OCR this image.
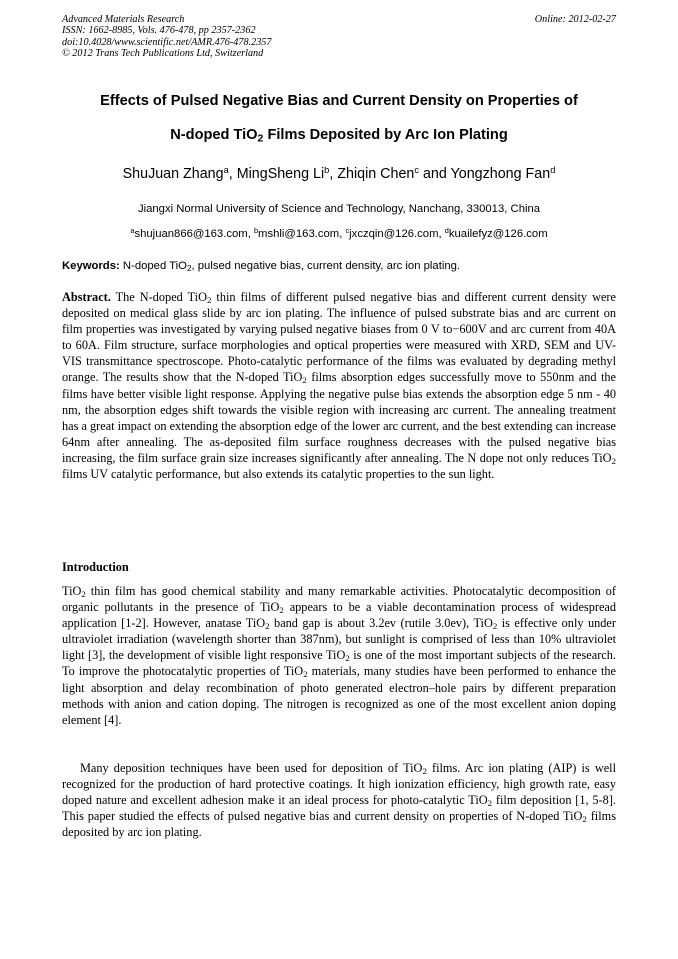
Advanced Materials Research
ISSN: 1662-8985, Vols. 476-478, pp 2357-2362
doi:10.4028/www.scientific.net/AMR.476-478.2357
© 2012 Trans Tech Publications Ltd, Switzerland
Online: 2012-02-27
Effects of Pulsed Negative Bias and Current Density on Properties of
N-doped TiO$_2$ Films Deposited by Arc Ion Plating
ShuJuan Zhang$^a$, MingSheng Li$^b$, Zhiqin Chen$^c$ and Yongzhong Fan$^d$
Jiangxi Normal University of Science and Technology, Nanchang, 330013, China
$^a$shujuan866@163.com, $^b$mshli@163.com, $^c$jxczqin@126.com, $^d$kuailefyz@126.com
Keywords: N-doped TiO$_2$, pulsed negative bias, current density, arc ion plating.
Abstract. The N-doped TiO$_2$ thin films of different pulsed negative bias and different current density were deposited on medical glass slide by arc ion plating. The influence of pulsed substrate bias and arc current on film properties was investigated by varying pulsed negative biases from 0 V to−600V and arc current from 40A to 60A. Film structure, surface morphologies and optical properties were measured with XRD, SEM and UV-VIS transmittance spectroscope. Photo-catalytic performance of the films was evaluated by degrading methyl orange. The results show that the N-doped TiO$_2$ films absorption edges successfully move to 550nm and the films have better visible light response. Applying the negative pulse bias extends the absorption edge 5 nm - 40 nm, the absorption edges shift towards the visible region with increasing arc current. The annealing treatment has a great impact on extending the absorption edge of the lower arc current, and the best extending can increase 64nm after annealing. The as-deposited film surface roughness decreases with the pulsed negative bias increasing, the film surface grain size increases significantly after annealing. The N dope not only reduces TiO$_2$ films UV catalytic performance, but also extends its catalytic properties to the sun light.
Introduction
TiO$_2$ thin film has good chemical stability and many remarkable activities. Photocatalytic decomposition of organic pollutants in the presence of TiO$_2$ appears to be a viable decontamination process of widespread application [1-2]. However, anatase TiO$_2$ band gap is about 3.2ev (rutile 3.0ev), TiO$_2$ is effective only under ultraviolet irradiation (wavelength shorter than 387nm), but sunlight is comprised of less than 10% ultraviolet light [3], the development of visible light responsive TiO$_2$ is one of the most important subjects of the research. To improve the photocatalytic properties of TiO$_2$ materials, many studies have been performed to enhance the light absorption and delay recombination of photo generated electron–hole pairs by different preparation methods with anion and cation doping. The nitrogen is recognized as one of the most excellent anion doping element [4].
Many deposition techniques have been used for deposition of TiO$_2$ films. Arc ion plating (AIP) is well recognized for the production of hard protective coatings. It high ionization efficiency, high growth rate, easy doped nature and excellent adhesion make it an ideal process for photo-catalytic TiO$_2$ film deposition [1, 5-8]. This paper studied the effects of pulsed negative bias and current density on properties of N-doped TiO$_2$ films deposited by arc ion plating.
